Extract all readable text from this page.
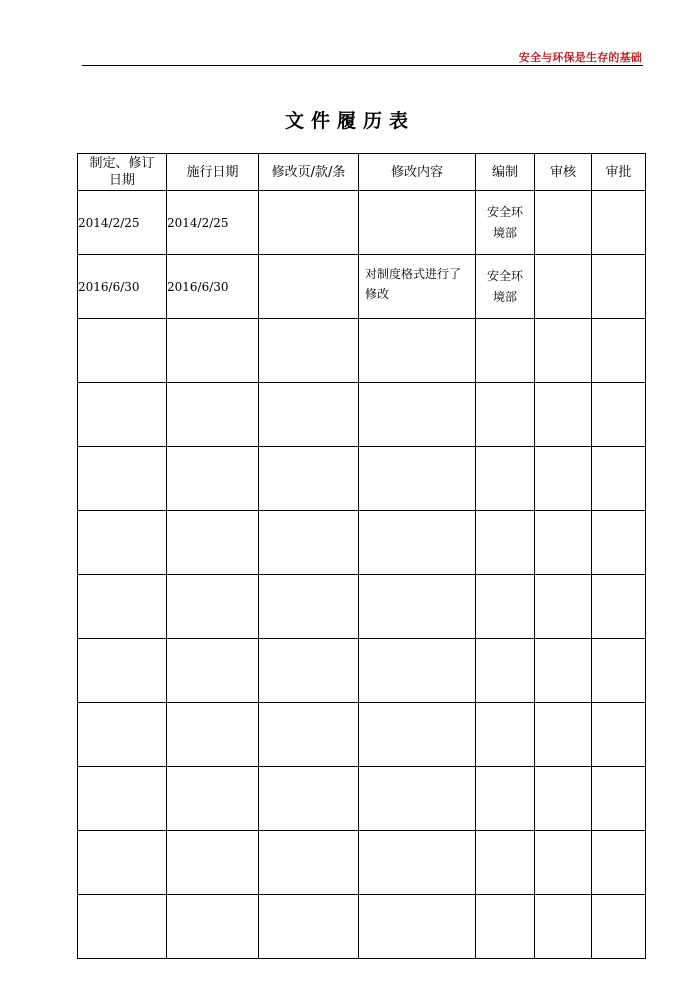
安全与环保是生存的基础
文件履历表
制定、修订日期	施行日期	修改页/款/条	修改内容	编制	审核	审批
2014/2/25	2014/2/25			安全环境部		
2016/6/30	2016/6/30		对制度格式进行了修改	安全环境部		
